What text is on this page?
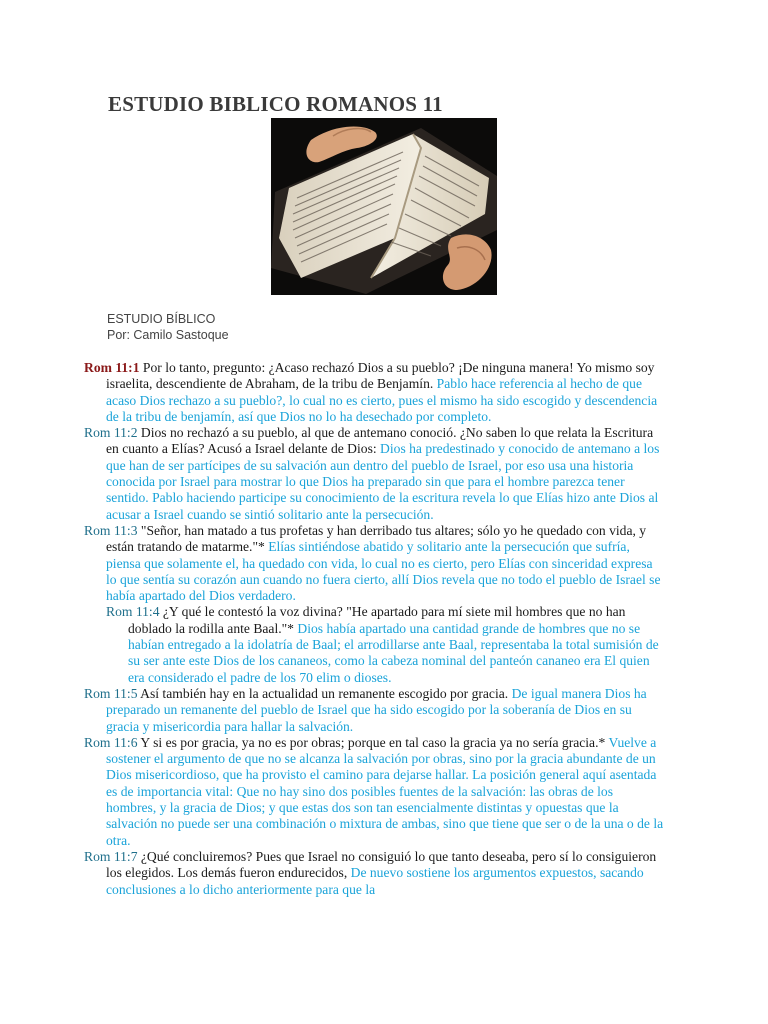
ESTUDIO BIBLICO ROMANOS 11
ESTUDIO BÍBLICO
Por: Camilo Sastoque

Rom 11:1 Por lo tanto, pregunto: ¿Acaso rechazó Dios a su pueblo? ¡De ninguna manera! Yo mismo soy israelita, descendiente de Abraham, de la tribu de Benjamín. Pablo hace referencia al hecho de que acaso Dios rechazo a su pueblo?, lo cual no es cierto, pues el mismo ha sido escogido y descendencia de la tribu de benjamín, así que Dios no lo ha desechado por completo.

Rom 11:2 Dios no rechazó a su pueblo, al que de antemano conoció. ¿No saben lo que relata la Escritura en cuanto a Elías? Acusó a Israel delante de Dios: Dios ha predestinado y conocido de antemano a los que han de ser partícipes de su salvación aun dentro del pueblo de Israel, por eso usa una historia conocida por Israel para mostrar lo que Dios ha preparado sin que para el hombre parezca tener sentido. Pablo haciendo participe su conocimiento de la escritura revela lo que Elías hizo ante Dios al acusar a Israel cuando se sintió solitario ante la persecución.

Rom 11:3 "Señor, han matado a tus profetas y han derribado tus altares; sólo yo he quedado con vida, y están tratando de matarme."* Elías sintiéndose abatido y solitario ante la persecución que sufría, piensa que solamente el, ha quedado con vida, lo cual no es cierto, pero Elías con sinceridad expresa lo que sentía su corazón aun cuando no fuera cierto, allí Dios revela que no todo el pueblo de Israel se había apartado del Dios verdadero.

Rom 11:4 ¿Y qué le contestó la voz divina? "He apartado para mí siete mil hombres que no han doblado la rodilla ante Baal."* Dios había apartado una cantidad grande de hombres que no se habían entregado a la idolatría de Baal; el arrodillarse ante Baal, representaba la total sumisión de su ser ante este Dios de los cananeos, como la cabeza nominal del panteón cananeo era El quien era considerado el padre de los 70 elim o dioses.

Rom 11:5 Así también hay en la actualidad un remanente escogido por gracia. De igual manera Dios ha preparado un remanente del pueblo de Israel que ha sido escogido por la soberanía de Dios en su gracia y misericordia para hallar la salvación.

Rom 11:6 Y si es por gracia, ya no es por obras; porque en tal caso la gracia ya no sería gracia.* Vuelve a sostener el argumento de que no se alcanza la salvación por obras, sino por la gracia abundante de un Dios misericordioso, que ha provisto el camino para dejarse hallar. La posición general aquí asentada es de importancia vital: Que no hay sino dos posibles fuentes de la salvación: las obras de los hombres, y la gracia de Dios; y que estas dos son tan esencialmente distintas y opuestas que la salvación no puede ser una combinación o mixtura de ambas, sino que tiene que ser o de la una o de la otra.

Rom 11:7 ¿Qué concluiremos? Pues que Israel no consiguió lo que tanto deseaba, pero sí lo consiguieron los elegidos. Los demás fueron endurecidos, De nuevo sostiene los argumentos expuestos, sacando conclusiones a lo dicho anteriormente para que la
